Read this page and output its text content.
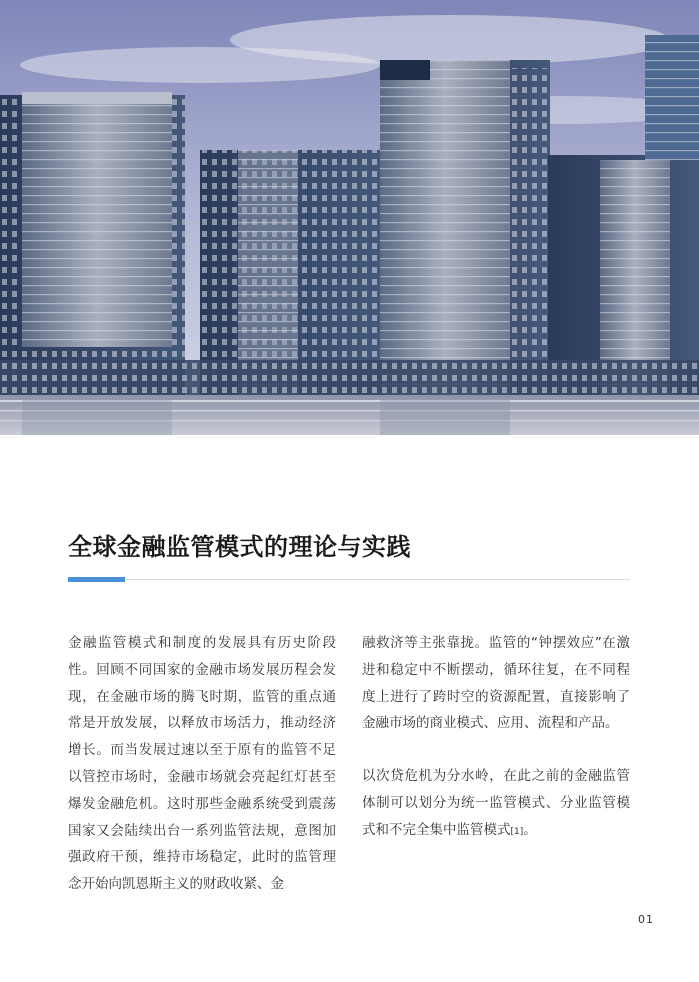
全球金融监管模式的理论与实践

金融监管模式和制度的发展具有历史阶段性。回顾不同国家的金融市场发展历程会发现，在金融市场的腾飞时期，监管的重点通常是开放发展，以释放市场活力，推动经济增长。而当发展过速以至于原有的监管不足以管控市场时，金融市场就会亮起红灯甚至爆发金融危机。这时那些金融系统受到震荡国家又会陆续出台一系列监管法规，意图加强政府干预，维持市场稳定，此时的监管理念开始向凯恩斯主义的财政收紧、金

融救济等主张靠拢。监管的“钟摆效应”在激进和稳定中不断摆动，循环往复，在不同程度上进行了跨时空的资源配置，直接影响了金融市场的商业模式、应用、流程和产品。

以次贷危机为分水岭，在此之前的金融监管体制可以划分为统一监管模式、分业监管模式和不完全集中监管模式[1]。

01
